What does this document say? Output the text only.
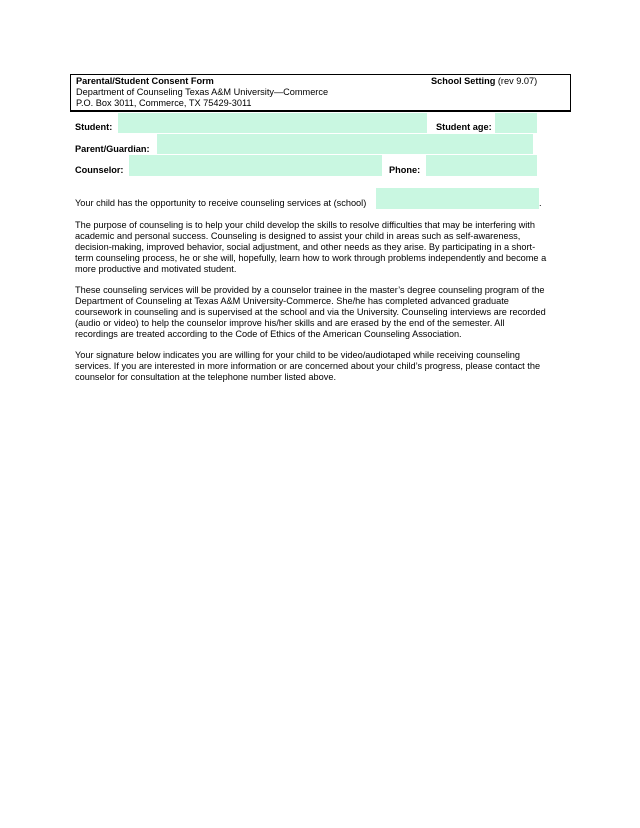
Parental/Student Consent Form	School Setting (rev 9.07)
Department of Counseling Texas A&M University—Commerce
P.O. Box 3011, Commerce, TX 75429-3011
Student:	Student age:
Parent/Guardian:
Counselor:	Phone:
Your child has the opportunity to receive counseling services at (school)	.
The purpose of counseling is to help your child develop the skills to resolve difficulties that may be interfering with
academic and personal success. Counseling is designed to assist your child in areas such as self-awareness,
decision-making, improved behavior, social adjustment, and other needs as they arise. By participating in a short-
term counseling process, he or she will, hopefully, learn how to work through problems independently and become a
more productive and motivated student.
These counseling services will be provided by a counselor trainee in the master’s degree counseling program of the
Department of Counseling at Texas A&M University-Commerce. She/he has completed advanced graduate
coursework in counseling and is supervised at the school and via the University. Counseling interviews are recorded
(audio or video) to help the counselor improve his/her skills and are erased by the end of the semester. All
recordings are treated according to the Code of Ethics of the American Counseling Association.
Your signature below indicates you are willing for your child to be video/audiotaped while receiving counseling
services. If you are interested in more information or are concerned about your child’s progress, please contact the
counselor for consultation at the telephone number listed above.
